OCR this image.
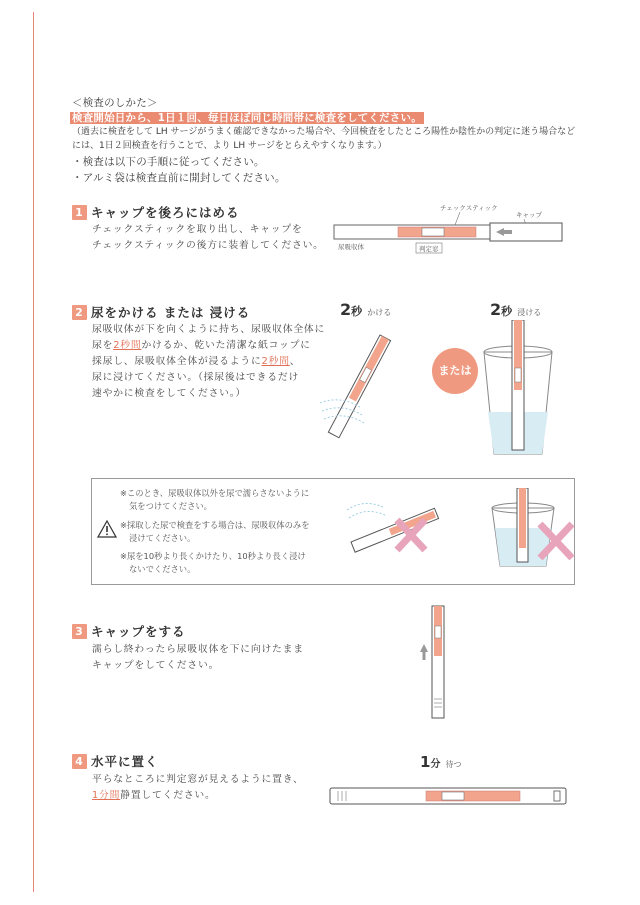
＜検査のしかた＞
検査開始日から、1日１回、毎日ほぼ同じ時間帯に検査をしてください。
（過去に検査をして LH サージがうまく確認できなかった場合や、今回検査をしたところ陽性か陰性かの判定に迷う場合など
には、1日２回検査を行うことで、より LH サージをとらえやすくなります。）
・検査は以下の手順に従ってください。
・アルミ袋は検査直前に開封してください。
1 キャップを後ろにはめる
チェックスティックを取り出し、キャップを
チェックスティックの後方に装着してください。
チェックスティック
キャップ
尿吸収体	判定窓
2 尿をかける または 浸ける
尿吸収体が下を向くように持ち、尿吸収体全体に
尿を2秒間かけるか、乾いた清潔な紙コップに
採尿し、尿吸収体全体が浸るように2秒間、
尿に浸けてください。（採尿後はできるだけ
速やかに検査をしてください。）
2秒 かける	2秒 浸ける
または
※このとき、尿吸収体以外を尿で濡らさないように
気をつけてください。
※採取した尿で検査をする場合は、尿吸収体のみを
浸けてください。
※尿を10秒より長くかけたり、10秒より長く浸け
ないでください。
3 キャップをする
濡らし終わったら尿吸収体を下に向けたまま
キャップをしてください。
4 水平に置く
平らなところに判定窓が見えるように置き、
1分間静置してください。
1分 待つ
